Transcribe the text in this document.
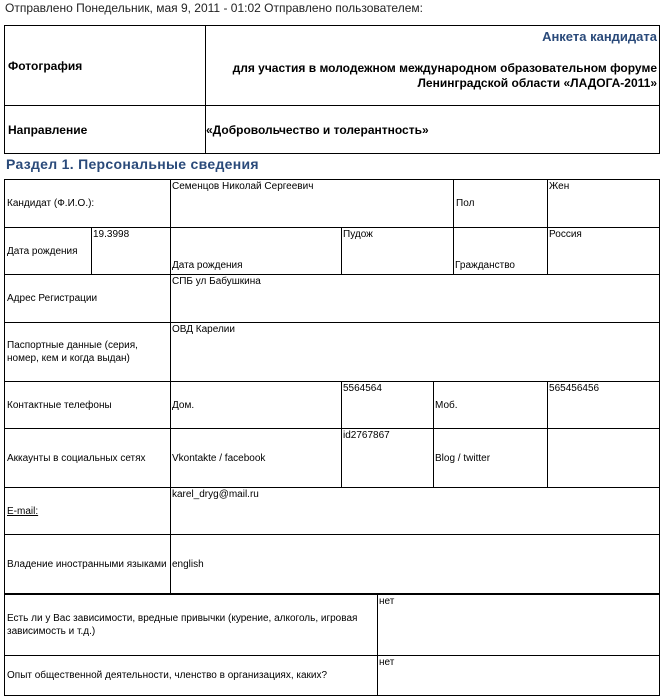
Отправлено Понедельник, мая 9, 2011 - 01:02 Отправлено пользователем:
Фотография	Анкета кандидата
для участия в молодежном международном образовательном форуме
Ленинградской области «ЛАДОГА-2011»

Направление	«Добровольчество и толерантность»
Раздел 1. Персональные сведения
Кандидат (Ф.И.О.):		Семенцов Николай Сергеевич			Пол	Жен
Дата рождения	19.3998	Дата рождения	Пудож		Гражданство	Россия
Адрес Регистрации		СПБ ул Бабушкина				
Паспортные данные (серия, номер, кем и когда выдан)		ОВД Карелии				
Контактные телефоны		Дом.	5564564	Моб.		565456456
Аккаунты в социальных сетях		Vkontakte / facebook	id2767867	Blog / twitter		
E-mail:		karel_dryg@mail.ru				
Владение иностранными языками		english				
Есть ли у Вас зависимости, вредные привычки (курение, алкоголь, игровая зависимость и т.д.)	нет
Опыт общественной деятельности, членство в организациях, каких?	нет
